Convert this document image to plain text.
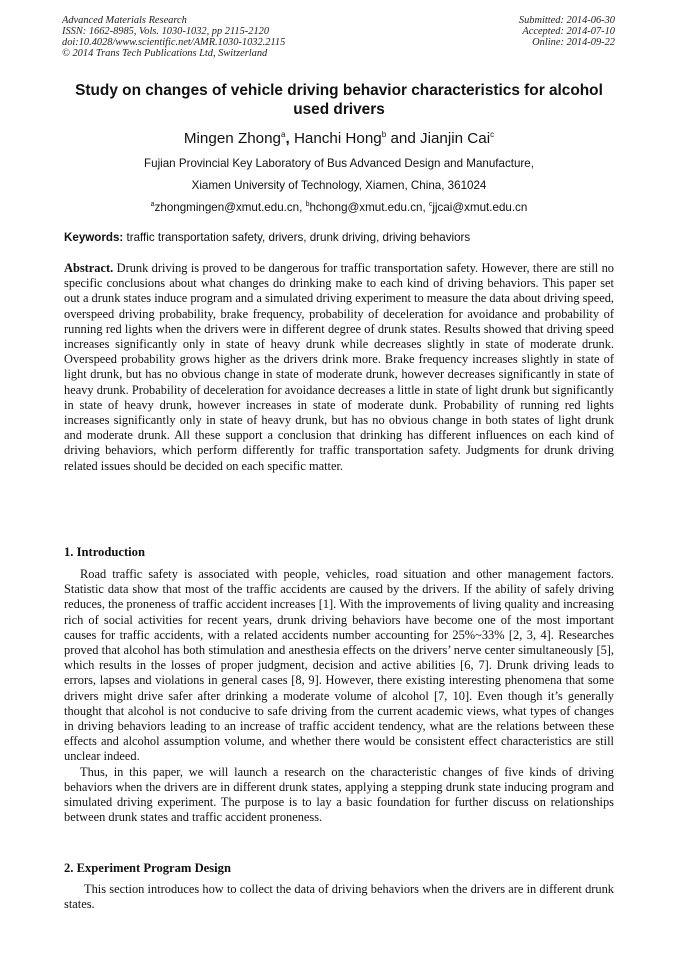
Advanced Materials Research
ISSN: 1662-8985, Vols. 1030-1032, pp 2115-2120
doi:10.4028/www.scientific.net/AMR.1030-1032.2115
© 2014 Trans Tech Publications Ltd, Switzerland
Submitted: 2014-06-30
Accepted: 2014-07-10
Online: 2014-09-22
Study on changes of vehicle driving behavior characteristics for alcohol used drivers
Mingen Zhong$^a$, Hanchi Hong$^b$ and Jianjin Cai$^c$
Fujian Provincial Key Laboratory of Bus Advanced Design and Manufacture,
Xiamen University of Technology, Xiamen, China, 361024
$^a$zhongmingen@xmut.edu.cn, $^b$hchong@xmut.edu.cn, $^c$jjcai@xmut.edu.cn
Keywords: traffic transportation safety, drivers, drunk driving, driving behaviors

Abstract. Drunk driving is proved to be dangerous for traffic transportation safety. However, there are still no specific conclusions about what changes do drinking make to each kind of driving behaviors. This paper set out a drunk states induce program and a simulated driving experiment to measure the data about driving speed, overspeed driving probability, brake frequency, probability of deceleration for avoidance and probability of running red lights when the drivers were in different degree of drunk states. Results showed that driving speed increases significantly only in state of heavy drunk while decreases slightly in state of moderate drunk. Overspeed probability grows higher as the drivers drink more. Brake frequency increases slightly in state of light drunk, but has no obvious change in state of moderate drunk, however decreases significantly in state of heavy drunk. Probability of deceleration for avoidance decreases a little in state of light drunk but significantly in state of heavy drunk, however increases in state of moderate dunk. Probability of running red lights increases significantly only in state of heavy drunk, but has no obvious change in both states of light drunk and moderate drunk. All these support a conclusion that drinking has different influences on each kind of driving behaviors, which perform differently for traffic transportation safety. Judgments for drunk driving related issues should be decided on each specific matter.

1. Introduction

Road traffic safety is associated with people, vehicles, road situation and other management factors. Statistic data show that most of the traffic accidents are caused by the drivers. If the ability of safely driving reduces, the proneness of traffic accident increases [1]. With the improvements of living quality and increasing rich of social activities for recent years, drunk driving behaviors have become one of the most important causes for traffic accidents, with a related accidents number accounting for 25%~33% [2, 3, 4]. Researches proved that alcohol has both stimulation and anesthesia effects on the drivers’ nerve center simultaneously [5], which results in the losses of proper judgment, decision and active abilities [6, 7]. Drunk driving leads to errors, lapses and violations in general cases [8, 9]. However, there existing interesting phenomena that some drivers might drive safer after drinking a moderate volume of alcohol [7, 10]. Even though it’s generally thought that alcohol is not conducive to safe driving from the current academic views, what types of changes in driving behaviors leading to an increase of traffic accident tendency, what are the relations between these effects and alcohol assumption volume, and whether there would be consistent effect characteristics are still unclear indeed.

Thus, in this paper, we will launch a research on the characteristic changes of five kinds of driving behaviors when the drivers are in different drunk states, applying a stepping drunk state inducing program and simulated driving experiment. The purpose is to lay a basic foundation for further discuss on relationships between drunk states and traffic accident proneness.

2. Experiment Program Design

This section introduces how to collect the data of driving behaviors when the drivers are in different drunk states.
